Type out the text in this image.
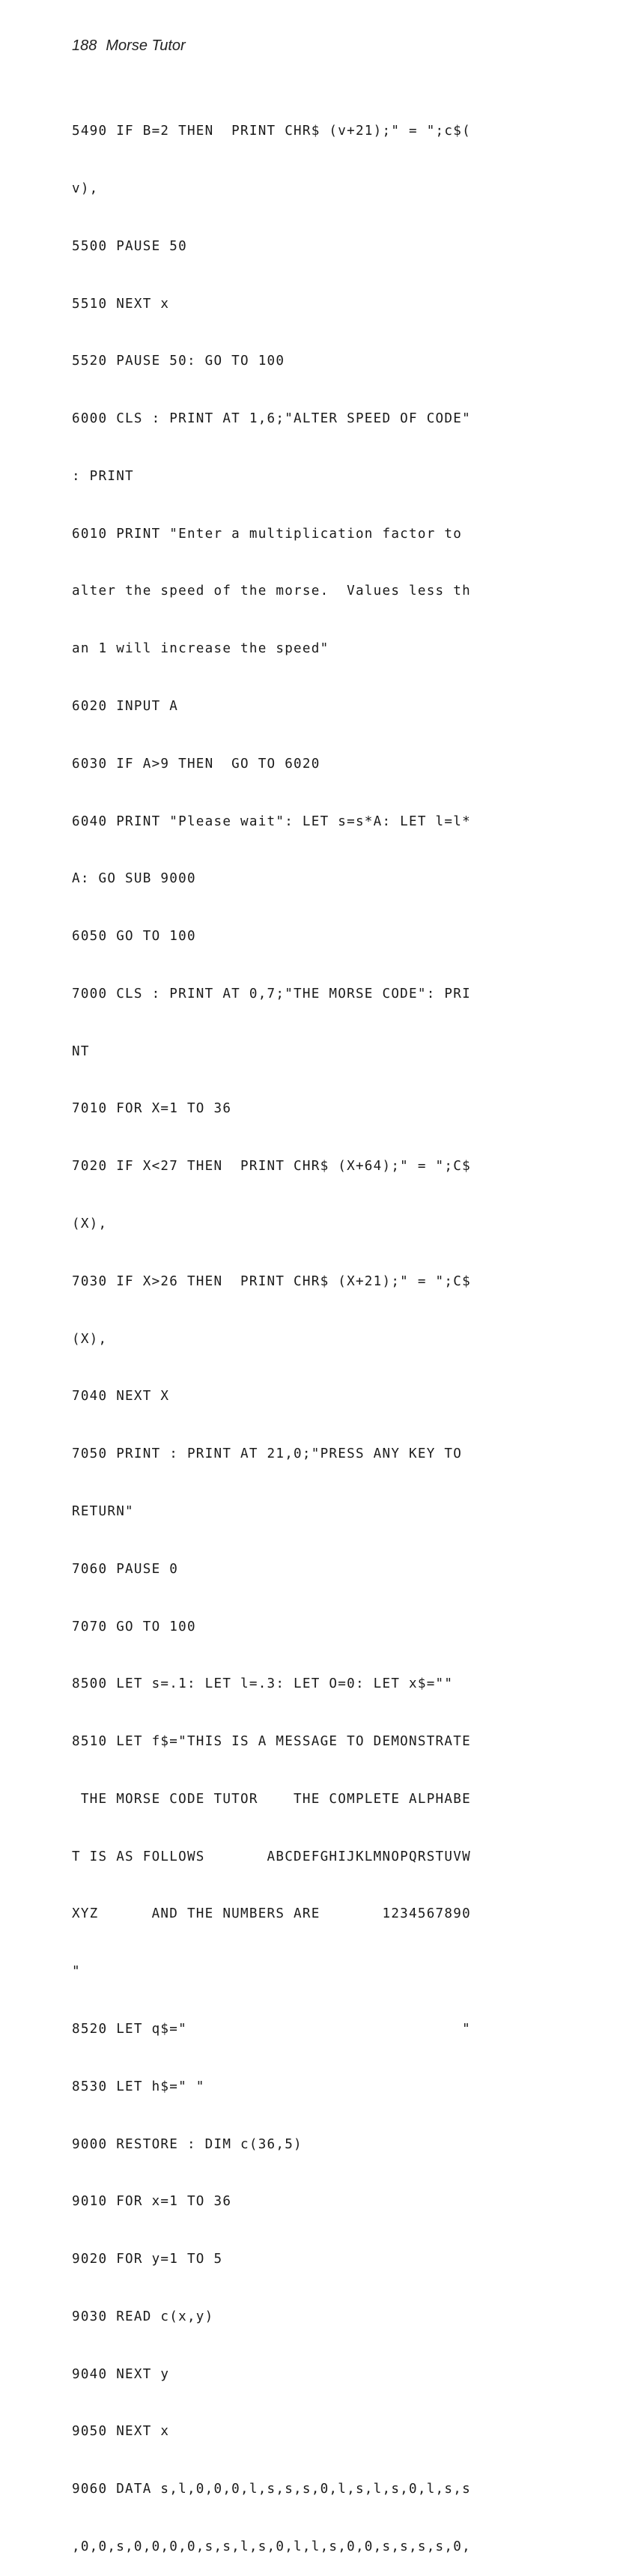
188 Morse Tutor

5490 IF B=2 THEN  PRINT CHR$ (v+21);" = ";c$(

v),

5500 PAUSE 50

5510 NEXT x

5520 PAUSE 50: GO TO 100

6000 CLS : PRINT AT 1,6;"ALTER SPEED OF CODE"

: PRINT

6010 PRINT "Enter a multiplication factor to

alter the speed of the morse.  Values less th

an 1 will increase the speed"

6020 INPUT A

6030 IF A>9 THEN  GO TO 6020

6040 PRINT "Please wait": LET s=s*A: LET l=l*

A: GO SUB 9000

6050 GO TO 100

7000 CLS : PRINT AT 0,7;"THE MORSE CODE": PRI

NT

7010 FOR X=1 TO 36

7020 IF X<27 THEN  PRINT CHR$ (X+64);" = ";C$

(X),

7030 IF X>26 THEN  PRINT CHR$ (X+21);" = ";C$

(X),

7040 NEXT X

7050 PRINT : PRINT AT 21,0;"PRESS ANY KEY TO

RETURN"

7060 PAUSE 0

7070 GO TO 100

8500 LET s=.1: LET l=.3: LET O=0: LET x$=""

8510 LET f$="THIS IS A MESSAGE TO DEMONSTRATE

THE MORSE CODE TUTOR    THE COMPLETE ALPHABE

T IS AS FOLLOWS       ABCDEFGHIJKLMNOPQRSTUVW

XYZ      AND THE NUMBERS ARE       1234567890

"

8520 LET q$="                               "

8530 LET h$=" "

9000 RESTORE : DIM c(36,5)

9010 FOR x=1 TO 36

9020 FOR y=1 TO 5

9030 READ c(x,y)

9040 NEXT y

9050 NEXT x

9060 DATA s,l,0,0,0,l,s,s,s,0,l,s,l,s,0,l,s,s

,0,0,s,0,0,0,0,s,s,l,s,0,l,l,s,0,0,s,s,s,s,0,
